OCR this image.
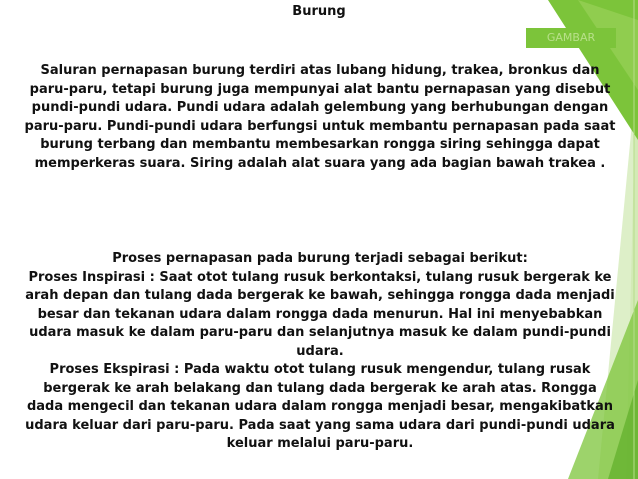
Burung
GAMBAR
Saluran pernapasan burung terdiri atas lubang hidung, trakea, bronkus dan
paru-paru, tetapi burung juga mempunyai alat bantu pernapasan yang disebut
pundi-pundi udara. Pundi udara adalah gelembung yang berhubungan dengan
paru-paru. Pundi-pundi udara berfungsi untuk membantu pernapasan pada saat
burung terbang dan membantu membesarkan rongga siring sehingga dapat
memperkeras suara. Siring adalah alat suara yang ada bagian bawah trakea .
Proses pernapasan pada burung terjadi sebagai berikut:
Proses Inspirasi : Saat otot tulang rusuk berkontaksi, tulang rusuk bergerak ke
arah depan dan tulang dada bergerak ke bawah, sehingga rongga dada menjadi
besar dan tekanan udara dalam rongga dada menurun. Hal ini menyebabkan
udara masuk ke dalam paru-paru dan selanjutnya masuk ke dalam pundi-pundi
udara.
Proses Ekspirasi : Pada waktu otot tulang rusuk mengendur, tulang rusak
bergerak ke arah belakang dan tulang dada bergerak ke arah atas. Rongga
dada mengecil dan tekanan udara dalam rongga menjadi besar, mengakibatkan
udara keluar dari paru-paru. Pada saat yang sama udara dari pundi-pundi udara
keluar melalui paru-paru.
